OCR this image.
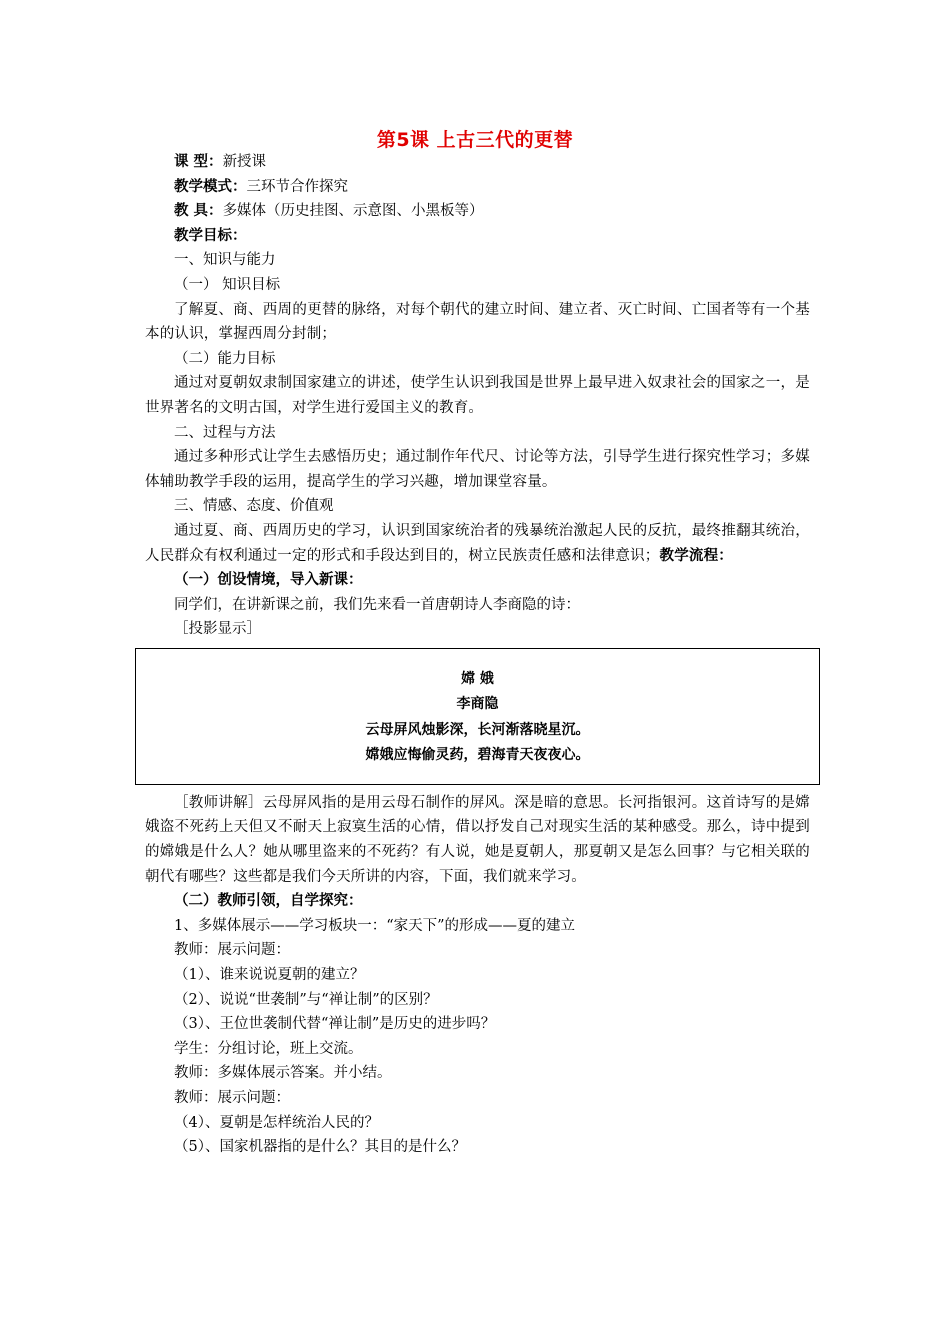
第5课 上古三代的更替
课 型：新授课
教学模式：三环节合作探究
教 具：多媒体（历史挂图、示意图、小黑板等）
教学目标：
一、知识与能力
（一） 知识目标
了解夏、商、西周的更替的脉络，对每个朝代的建立时间、建立者、灭亡时间、亡国者等有一个基本的认识，掌握西周分封制；
（二）能力目标
通过对夏朝奴隶制国家建立的讲述，使学生认识到我国是世界上最早进入奴隶社会的国家之一，是世界著名的文明古国，对学生进行爱国主义的教育。
二、过程与方法
通过多种形式让学生去感悟历史；通过制作年代尺、讨论等方法，引导学生进行探究性学习；多媒体辅助教学手段的运用，提高学生的学习兴趣，增加课堂容量。
三、情感、态度、价值观
通过夏、商、西周历史的学习，认识到国家统治者的残暴统治激起人民的反抗，最终推翻其统治，人民群众有权利通过一定的形式和手段达到目的，树立民族责任感和法律意识；教学流程：
（一）创设情境，导入新课：
同学们，在讲新课之前，我们先来看一首唐朝诗人李商隐的诗：
［投影显示］
嫦 娥
李商隐
云母屏风烛影深，长河渐落晓星沉。
嫦娥应悔偷灵药，碧海青天夜夜心。
［教师讲解］云母屏风指的是用云母石制作的屏风。深是暗的意思。长河指银河。这首诗写的是嫦娥盗不死药上天但又不耐天上寂寞生活的心情，借以抒发自己对现实生活的某种感受。那么，诗中提到的嫦娥是什么人？她从哪里盗来的不死药？有人说，她是夏朝人，那夏朝又是怎么回事？与它相关联的朝代有哪些？这些都是我们今天所讲的内容，下面，我们就来学习。
（二）教师引领，自学探究：
1、多媒体展示——学习板块一：“家天下”的形成——夏的建立
教师：展示问题：
（1）、谁来说说夏朝的建立？
（2）、说说“世袭制”与“禅让制”的区别？
（3）、王位世袭制代替“禅让制”是历史的进步吗？
学生：分组讨论，班上交流。
教师：多媒体展示答案。并小结。
教师：展示问题：
（4）、夏朝是怎样统治人民的？
（5）、国家机器指的是什么？其目的是什么？
